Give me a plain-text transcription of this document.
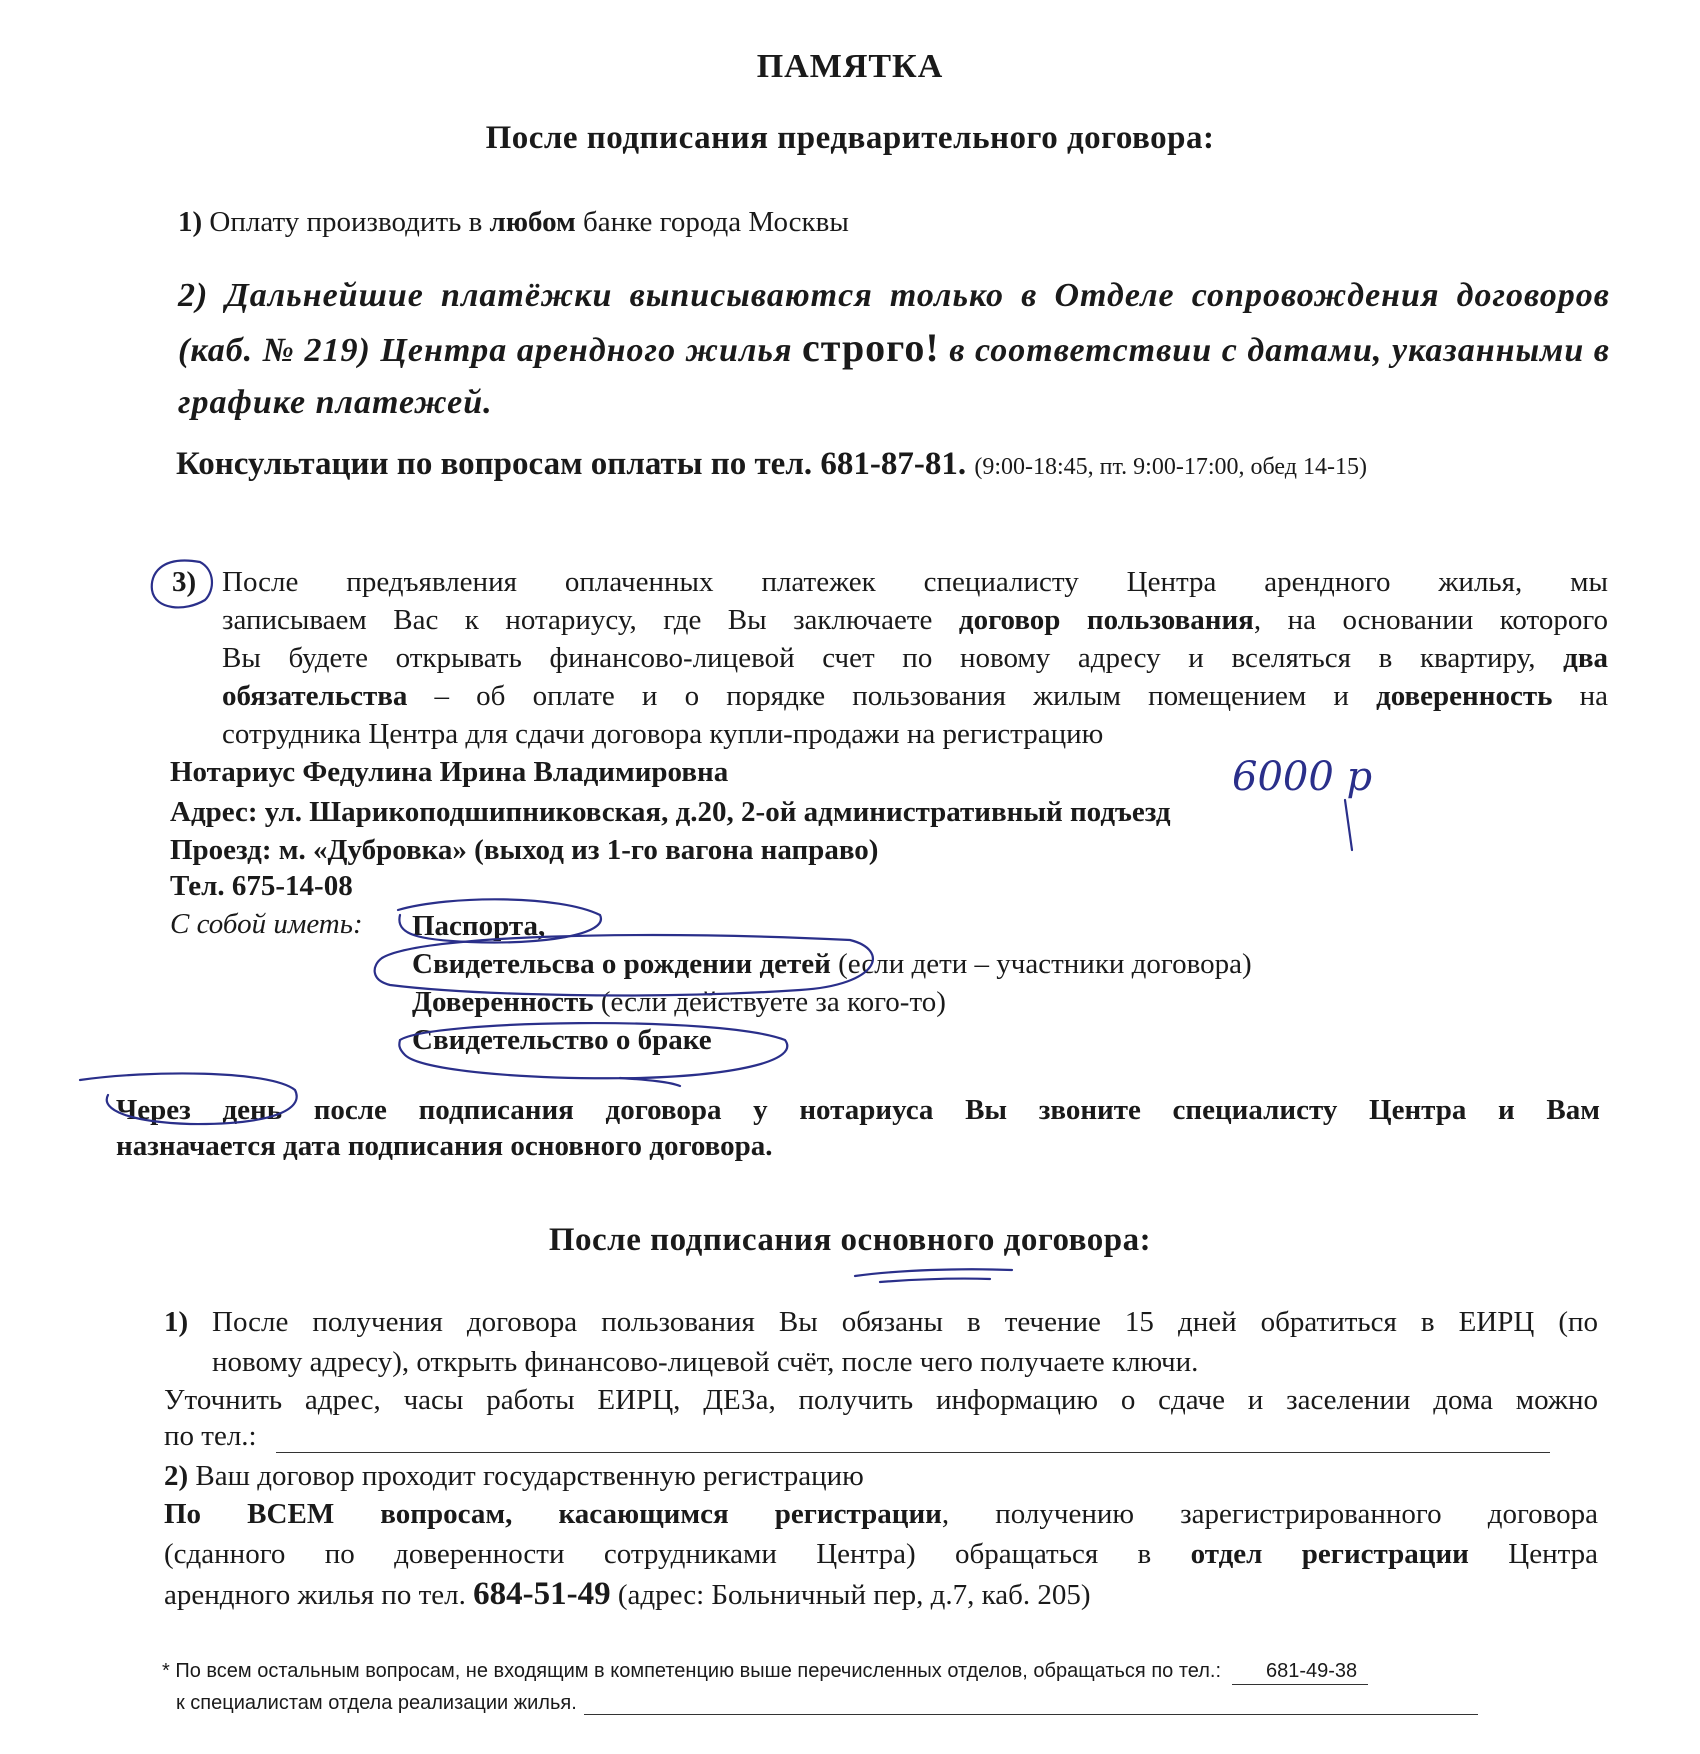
ПАМЯТКА
После подписания предварительного договора:
1) Оплату производить в любом банке города Москвы
2) Дальнейшие платёжки выписываются только в Отделе сопровождения договоров (каб. № 219) Центра арендного жилья строго! в соответствии с датами, указанными в графике платежей.
Консультации по вопросам оплаты по тел. 681-87-81. (9:00-18:45, пт. 9:00-17:00, обед 14-15)
3) После предъявления оплаченных платежек специалисту Центра арендного жилья, мы
записываем Вас к нотариусу, где Вы заключаете договор пользования, на основании которого
Вы будете открывать финансово-лицевой счет по новому адресу и вселяться в квартиру, два
обязательства – об оплате и о порядке пользования жилым помещением и доверенность на
сотрудника Центра для сдачи договора купли-продажи на регистрацию
Нотариус Федулина Ирина Владимировна
Адрес: ул. Шарикоподшипниковская, д.20, 2-ой административный подъезд
Проезд: м. «Дубровка» (выход из 1-го вагона направо)
Тел. 675-14-08
С собой иметь: Паспорта,
Свидетельсва о рождении детей (если дети – участники договора)
Доверенность (если действуете за кого-то)
Свидетельство о браке
Через день после подписания договора у нотариуса Вы звоните специалисту Центра и Вам
назначается дата подписания основного договора.
После подписания основного договора:
1) После получения договора пользования Вы обязаны в течение 15 дней обратиться в ЕИРЦ (по
новому адресу), открыть финансово-лицевой счёт, после чего получаете ключи.
Уточнить адрес, часы работы ЕИРЦ, ДЕЗа, получить информацию о сдаче и заселении дома можно
по тел.:
2) Ваш договор проходит государственную регистрацию
По ВСЕМ вопросам, касающимся регистрации, получению зарегистрированного договора
(сданного по доверенности сотрудниками Центра) обращаться в отдел регистрации Центра
арендного жилья по тел. 684-51-49 (адрес: Больничный пер, д.7, каб. 205)
* По всем остальным вопросам, не входящим в компетенцию выше перечисленных отделов, обращаться по тел.: 681-49-38
к специалистам отдела реализации жилья.
6000 р
